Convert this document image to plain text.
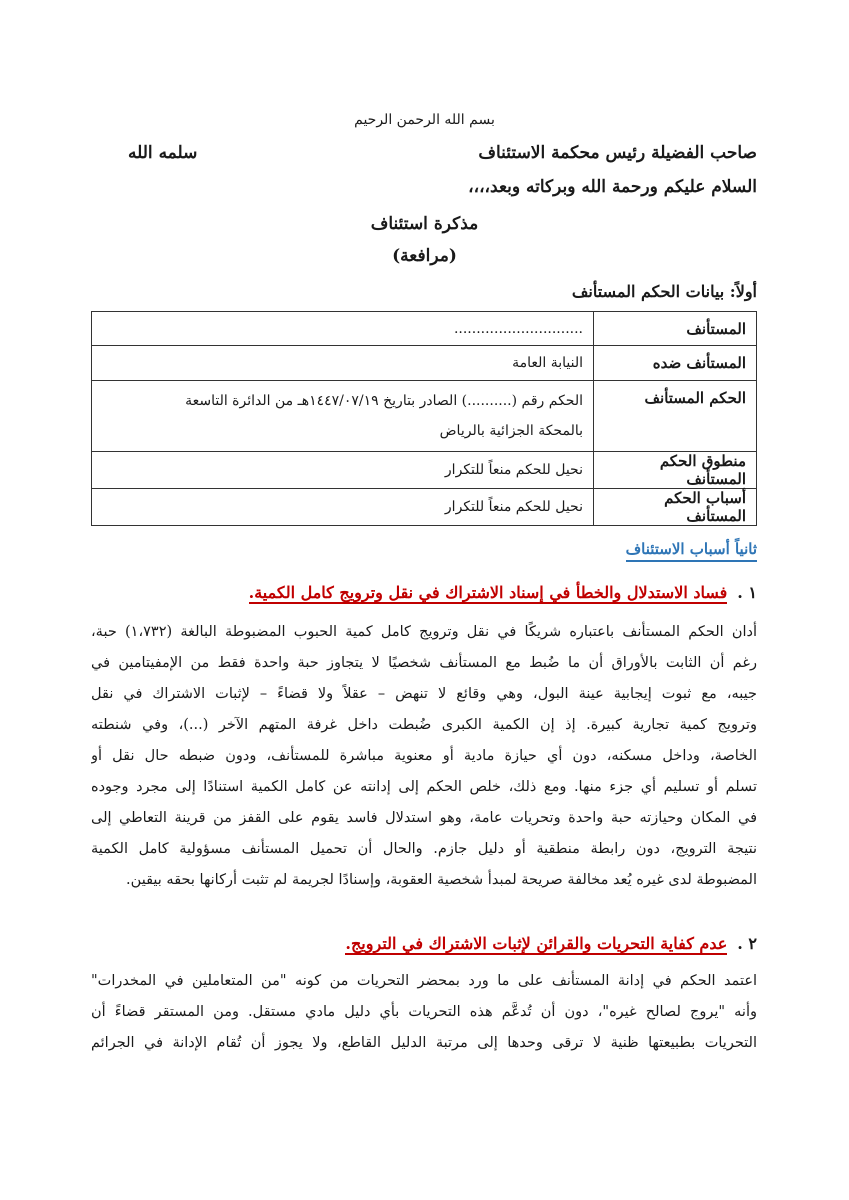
بسم الله الرحمن الرحيم
صاحب الفضيلة رئيس محكمة الاستئناف
سلمه الله
السلام عليكم ورحمة الله وبركاته وبعد،،،،
مذكرة استئناف
(مرافعة)
أولاً: بيانات الحكم المستأنف
المستأنف	.............................
المستأنف ضده	النيابة العامة
الحكم المستأنف	الحكم رقم (..........) الصادر بتاريخ ١٤٤٧/٠٧/١٩هـ من الدائرة التاسعة
بالمحكة الجزائية بالرياض

منطوق الحكم المستأنف	نحيل للحكم منعاً للتكرار
أسباب الحكم المستأنف	نحيل للحكم منعاً للتكرار
ثانياً أسباب الاستئناف
١ .فساد الاستدلال والخطأ في إسناد الاشتراك في نقل وترويج كامل الكمية.
أدان الحكم المستأنف باعتباره شريكًا في نقل وترويج كامل كمية الحبوب المضبوطة البالغة (١،٧٣٢) حبة،
رغم أن الثابت بالأوراق أن ما ضُبط مع المستأنف شخصيًا لا يتجاوز حبة واحدة فقط من الإمفيتامين في
جيبه، مع ثبوت إيجابية عينة البول، وهي وقائع لا تنهض – عقلاً ولا قضاءً – لإثبات الاشتراك في نقل
وترويج كمية تجارية كبيرة. إذ إن الكمية الكبرى ضُبطت داخل غرفة المتهم الآخر (...)، وفي شنطته
الخاصة، وداخل مسكنه، دون أي حيازة مادية أو معنوية مباشرة للمستأنف، ودون ضبطه حال نقل أو
تسلم أو تسليم أي جزء منها. ومع ذلك، خلص الحكم إلى إدانته عن كامل الكمية استنادًا إلى مجرد وجوده
في المكان وحيازته حبة واحدة وتحريات عامة، وهو استدلال فاسد يقوم على القفز من قرينة التعاطي إلى
نتيجة الترويج، دون رابطة منطقية أو دليل جازم. والحال أن تحميل المستأنف مسؤولية كامل الكمية
المضبوطة لدى غيره يُعد مخالفة صريحة لمبدأ شخصية العقوبة، وإسنادًا لجريمة لم تثبت أركانها بحقه بيقين.
٢ .عدم كفاية التحريات والقرائن لإثبات الاشتراك في الترويج.
اعتمد الحكم في إدانة المستأنف على ما ورد بمحضر التحريات من كونه "من المتعاملين في المخدرات"
وأنه "يروج لصالح غيره"، دون أن تُدعَّم هذه التحريات بأي دليل مادي مستقل. ومن المستقر قضاءً أن
التحريات بطبيعتها ظنية لا ترقى وحدها إلى مرتبة الدليل القاطع، ولا يجوز أن تُقام الإدانة في الجرائم
